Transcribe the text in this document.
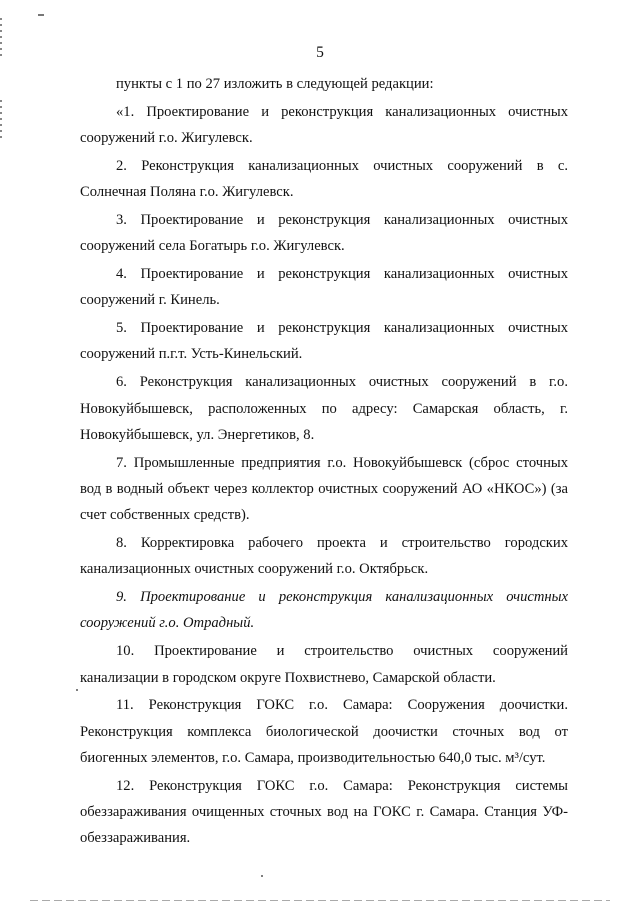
5

пункты с 1 по 27 изложить в следующей редакции:

«1. Проектирование и реконструкция канализационных очистных сооружений г.о. Жигулевск.

2. Реконструкция канализационных очистных сооружений в с. Солнечная Поляна г.о. Жигулевск.

3. Проектирование и реконструкция канализационных очистных сооружений села Богатырь г.о. Жигулевск.

4. Проектирование и реконструкция канализационных очистных сооружений г. Кинель.

5. Проектирование и реконструкция канализационных очистных сооружений п.г.т. Усть-Кинельский.

6. Реконструкция канализационных очистных сооружений в г.о. Новокуйбышевск, расположенных по адресу: Самарская область, г. Новокуйбышевск, ул. Энергетиков, 8.

7. Промышленные предприятия г.о. Новокуйбышевск (сброс сточных вод в водный объект через коллектор очистных сооружений АО «НКОС») (за счет собственных средств).

8. Корректировка рабочего проекта и строительство городских канализационных очистных сооружений г.о. Октябрьск.

9. Проектирование и реконструкция канализационных очистных сооружений г.о. Отрадный.

10. Проектирование и строительство очистных сооружений канализации в городском округе Похвистнево, Самарской области.

11. Реконструкция ГОКС г.о. Самара: Сооружения доочистки. Реконструкция комплекса биологической доочистки сточных вод от биогенных элементов, г.о. Самара, производительностью 640,0 тыс. м³/сут.

12. Реконструкция ГОКС г.о. Самара: Реконструкция системы обеззараживания очищенных сточных вод на ГОКС г. Самара. Станция УФ-обеззараживания.
